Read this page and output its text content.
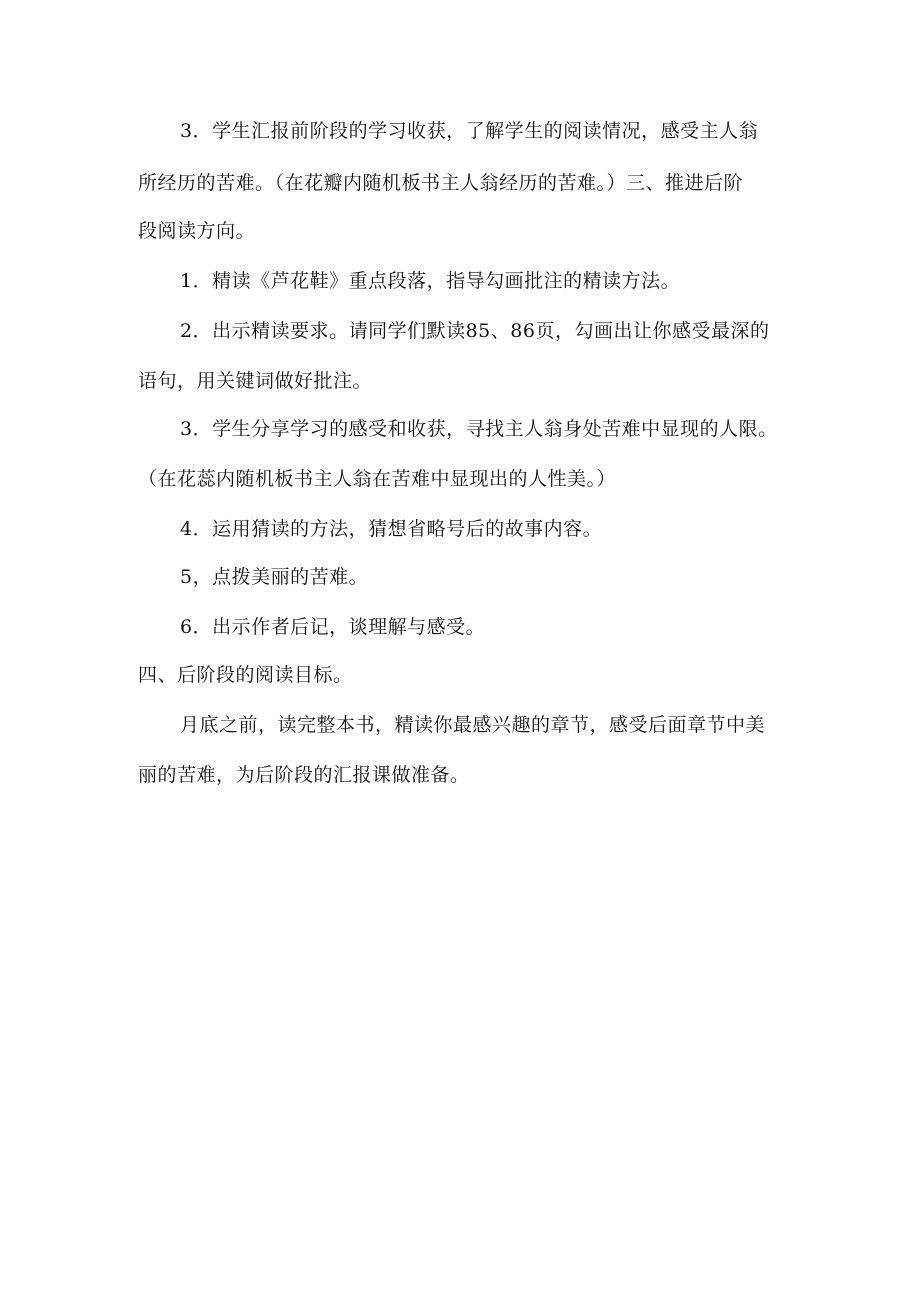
3．学生汇报前阶段的学习收获，了解学生的阅读情况，感受主人翁
所经历的苦难。（在花瓣内随机板书主人翁经历的苦难。）三、推进后阶
段阅读方向。
1．精读《芦花鞋》重点段落，指导勾画批注的精读方法。
2．出示精读要求。请同学们默读85、86页，勾画出让你感受最深的
语句，用关键词做好批注。
3．学生分享学习的感受和收获，寻找主人翁身处苦难中显现的人限。
（在花蕊内随机板书主人翁在苦难中显现出的人性美。）
4．运用猜读的方法，猜想省略号后的故事内容。
5，点拨美丽的苦难。
6．出示作者后记，谈理解与感受。
四、后阶段的阅读目标。
月底之前，读完整本书，精读你最感兴趣的章节，感受后面章节中美
丽的苦难，为后阶段的汇报课做准备。
